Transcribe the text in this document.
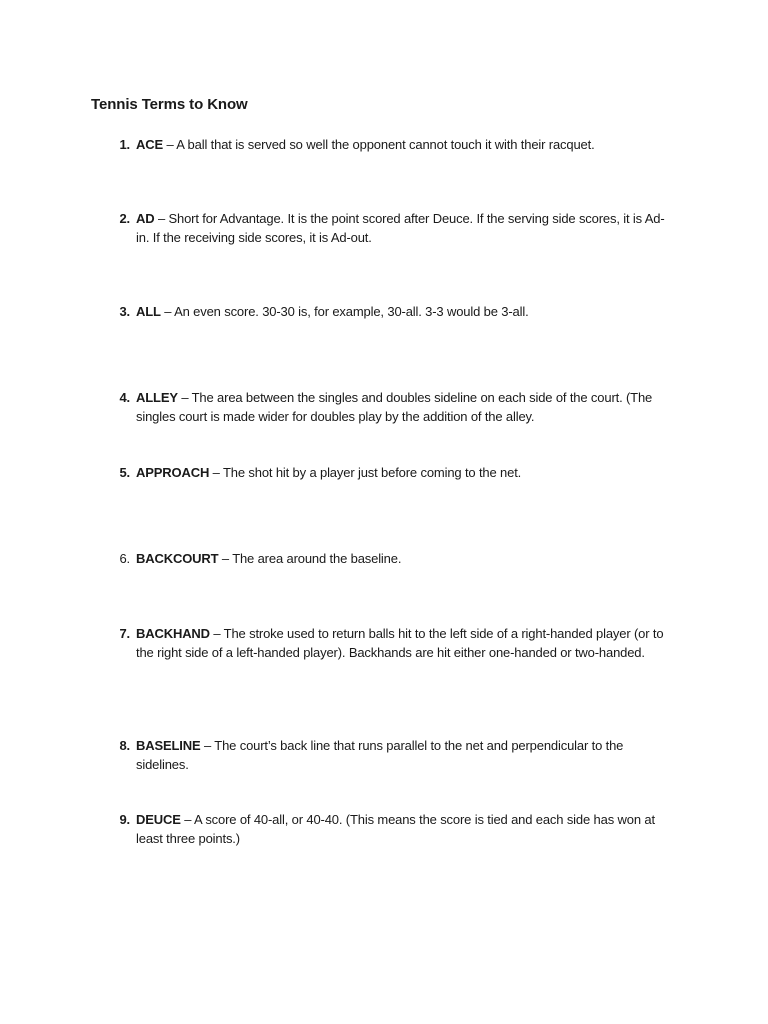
Tennis Terms to Know
1. ACE – A ball that is served so well the opponent cannot touch it with their racquet.
2. AD – Short for Advantage. It is the point scored after Deuce. If the serving side scores, it is Ad-in. If the receiving side scores, it is Ad-out.
3. ALL – An even score. 30-30 is, for example, 30-all. 3-3 would be 3-all.
4. ALLEY – The area between the singles and doubles sideline on each side of the court. (The singles court is made wider for doubles play by the addition of the alley.
5. APPROACH – The shot hit by a player just before coming to the net.
6. BACKCOURT – The area around the baseline.
7. BACKHAND – The stroke used to return balls hit to the left side of a right-handed player (or to the right side of a left-handed player). Backhands are hit either one-handed or two-handed.
8. BASELINE – The court’s back line that runs parallel to the net and perpendicular to the sidelines.
9. DEUCE – A score of 40-all, or 40-40. (This means the score is tied and each side has won at least three points.)
